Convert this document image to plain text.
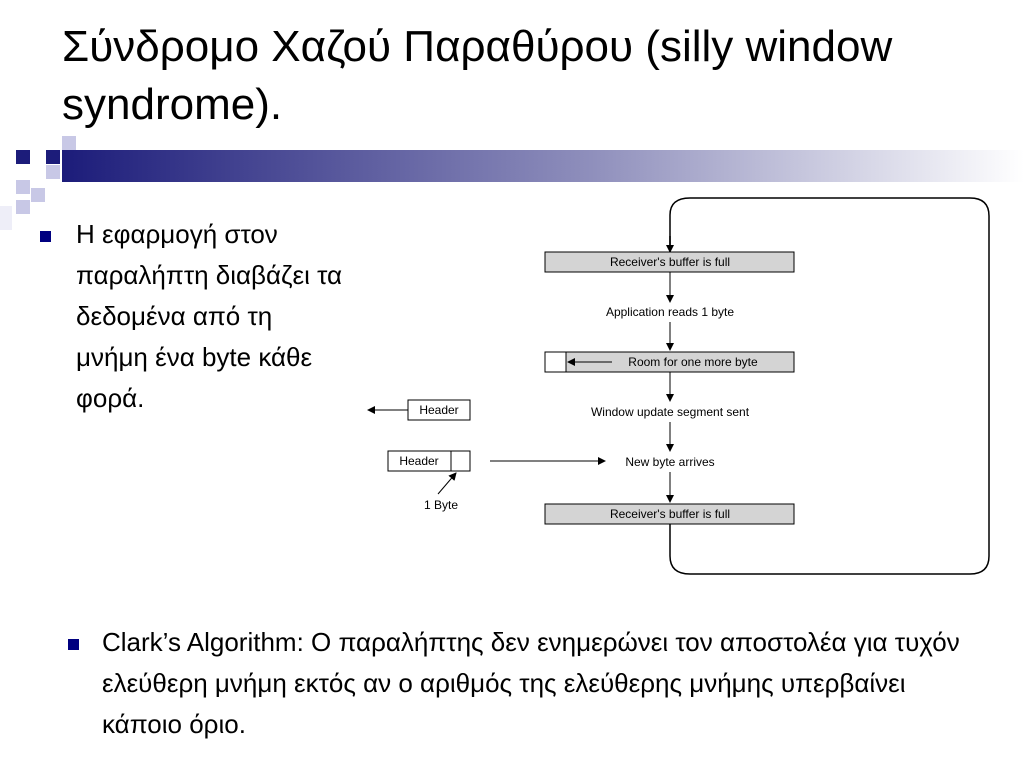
Σύνδρομο Χαζού Παραθύρου (silly window syndrome).
Η εφαρμογή στον παραλήπτη διαβάζει τα δεδομένα από τη μνήμη ένα byte κάθε φορά.
Receiver's buffer is full
Application reads 1 byte
Room for one more byte
Window update segment sent
New byte arrives
Receiver's buffer is full
Header
Header
1 Byte
Clark’s Algorithm: O παραλήπτης δεν ενημερώνει τον αποστολέα για τυχόν ελεύθερη μνήμη εκτός αν ο αριθμός της ελεύθερης μνήμης υπερβαίνει κάποιο όριο.
